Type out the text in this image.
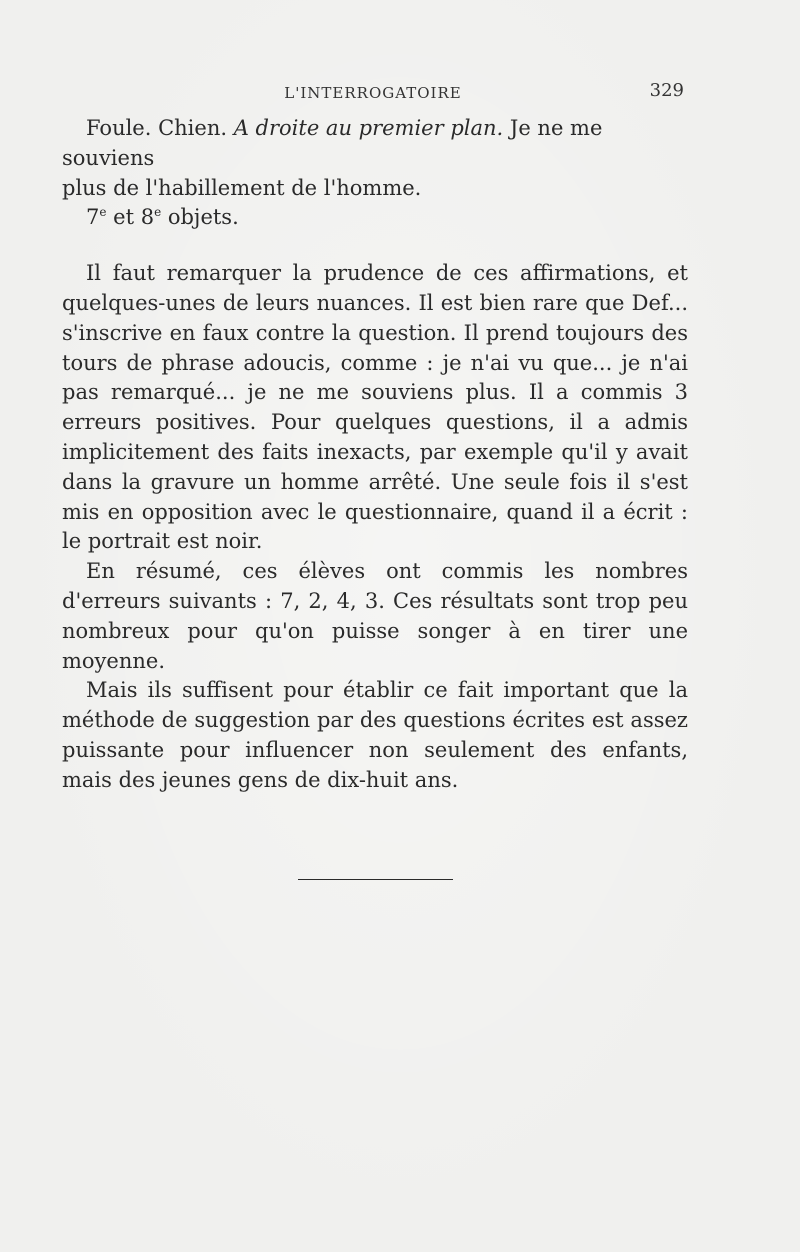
L'INTERROGATOIRE	329
Foule. Chien. A droite au premier plan. Je ne me souviens
plus de l'habillement de l'homme.
7e et 8e objets.

Il faut remarquer la prudence de ces affirmations, et quelques-unes de leurs nuances. Il est bien rare que Def... s'inscrive en faux contre la question. Il prend toujours des tours de phrase adoucis, comme : je n'ai vu que... je n'ai pas remarqué... je ne me souviens plus. Il a commis 3 erreurs positives. Pour quelques questions, il a admis implicitement des faits inexacts, par exemple qu'il y avait dans la gravure un homme arrêté. Une seule fois il s'est mis en opposition avec le questionnaire, quand il a écrit : le portrait est noir.

En résumé, ces élèves ont commis les nombres d'erreurs suivants : 7, 2, 4, 3. Ces résultats sont trop peu nombreux pour qu'on puisse songer à en tirer une moyenne.

Mais ils suffisent pour établir ce fait important que la méthode de suggestion par des questions écrites est assez puissante pour influencer non seulement des enfants, mais des jeunes gens de dix-huit ans.
